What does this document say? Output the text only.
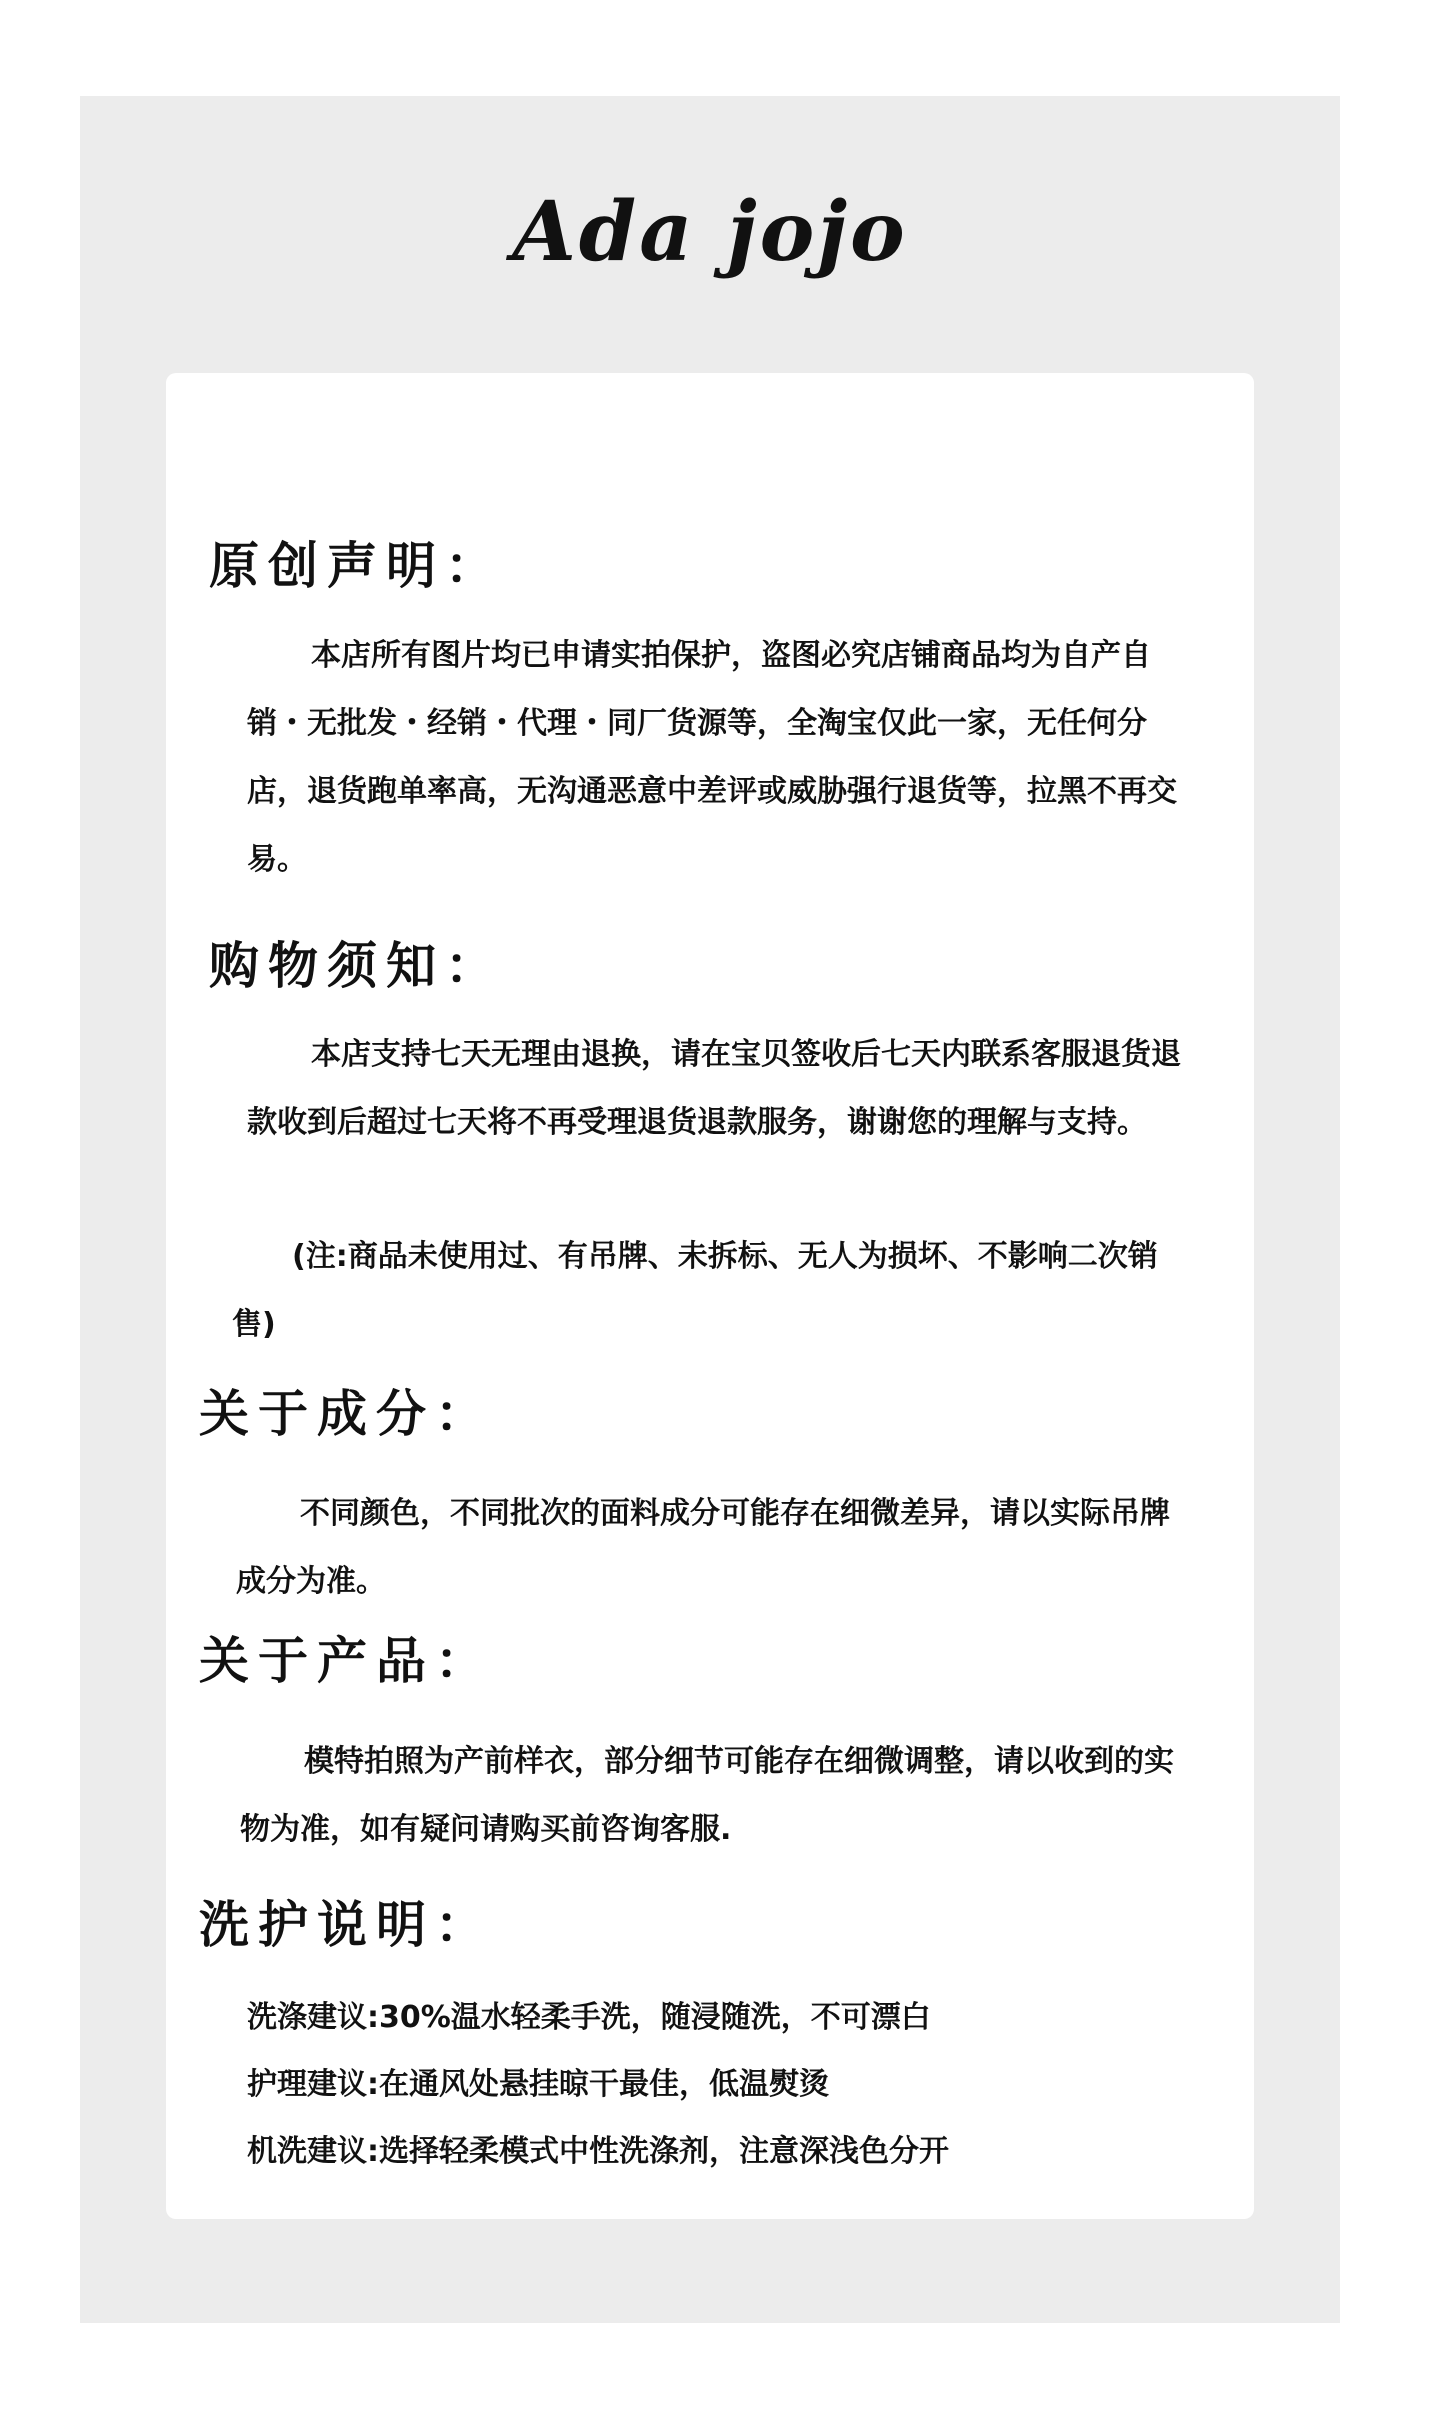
Ada jojo
原创声明：

本店所有图片均已申请实拍保护，盗图必究店铺商品均为自产自销・无批发・经销・代理・同厂货源等，全淘宝仅此一家，无任何分店，退货跑单率高，无沟通恶意中差评或威胁强行退货等，拉黑不再交易。

购物须知：

本店支持七天无理由退换，请在宝贝签收后七天内联系客服退货退款收到后超过七天将不再受理退货退款服务，谢谢您的理解与支持。

(注:商品未使用过、有吊牌、未拆标、无人为损坏、不影响二次销售)

关于成分：

不同颜色，不同批次的面料成分可能存在细微差异，请以实际吊牌成分为准。

关于产品：

模特拍照为产前样衣，部分细节可能存在细微调整，请以收到的实物为准，如有疑问请购买前咨询客服.

洗护说明：

洗涤建议:30%温水轻柔手洗，随浸随洗，不可漂白

护理建议:在通风处悬挂晾干最佳，低温熨烫

机洗建议:选择轻柔模式中性洗涤剂，注意深浅色分开
